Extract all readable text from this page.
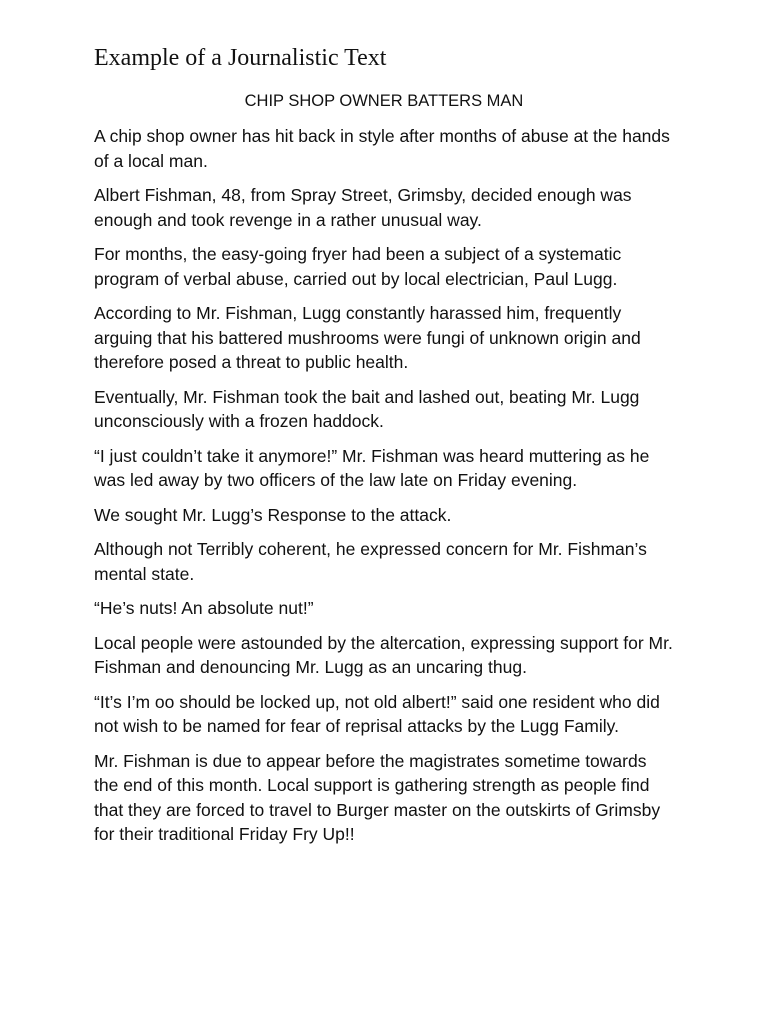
Example of a Journalistic Text
CHIP SHOP OWNER BATTERS MAN

A chip shop owner has hit back in style after months of abuse at the hands of a local man.

Albert Fishman, 48, from Spray Street, Grimsby, decided enough was enough and took revenge in a rather unusual way.

For months, the easy-going fryer had been a subject of a systematic program of verbal abuse, carried out by local electrician, Paul Lugg.

According to Mr. Fishman, Lugg constantly harassed him, frequently arguing that his battered mushrooms were fungi of unknown origin and therefore posed a threat to public health.

Eventually, Mr. Fishman took the bait and lashed out, beating Mr. Lugg unconsciously with a frozen haddock.

“I just couldn’t take it anymore!” Mr. Fishman was heard muttering as he was led away by two officers of the law late on Friday evening.

We sought Mr. Lugg’s Response to the attack.

Although not Terribly coherent, he expressed concern for Mr. Fishman’s mental state.

“He’s nuts! An absolute nut!”

Local people were astounded by the altercation, expressing support for Mr. Fishman and denouncing Mr. Lugg as an uncaring thug.

“It’s I’m oo should be locked up, not old albert!” said one resident who did not wish to be named for fear of reprisal attacks by the Lugg Family.

Mr. Fishman is due to appear before the magistrates sometime towards the end of this month. Local support is gathering strength as people find that they are forced to travel to Burger master on the outskirts of Grimsby for their traditional Friday Fry Up!!
